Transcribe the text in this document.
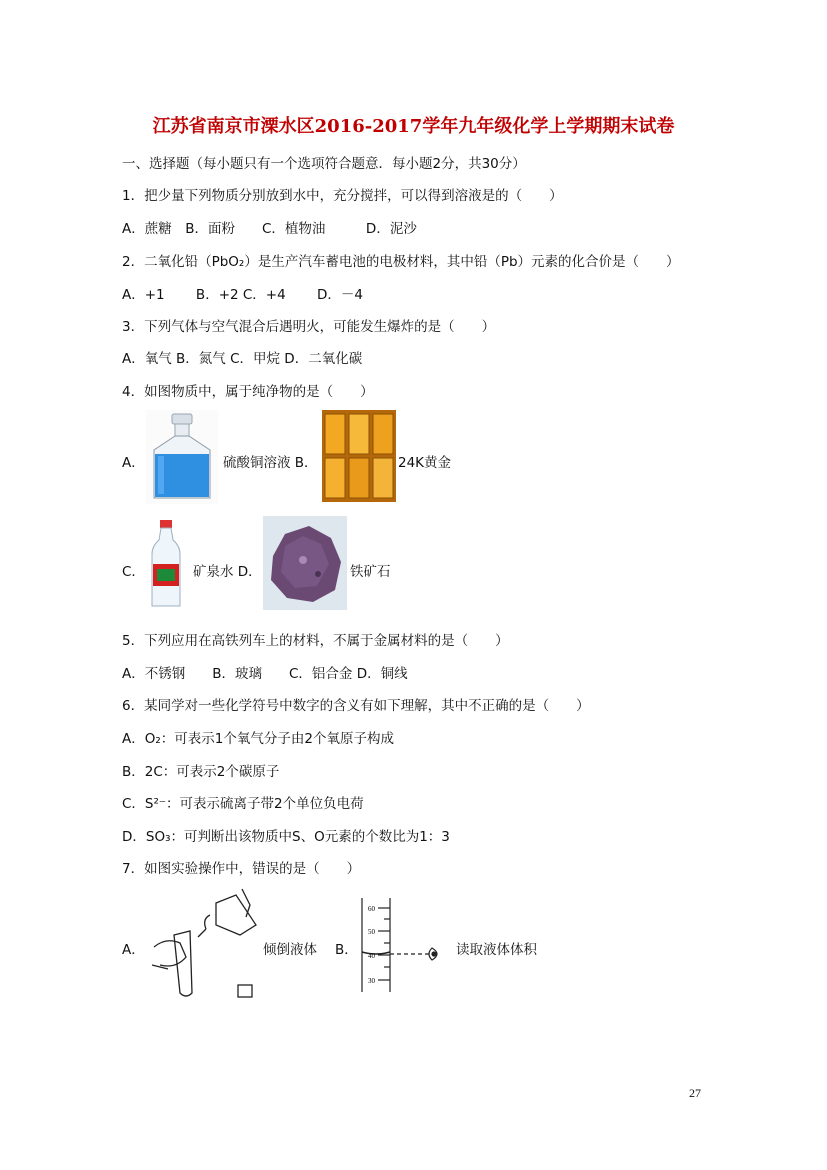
江苏省南京市溧水区2016-2017学年九年级化学上学期期末试卷
一、选择题（每小题只有一个选项符合题意．每小题2分，共30分）
1．把少量下列物质分别放到水中，充分搅拌，可以得到溶液是的（　　）
A．蔗糖　B．面粉　　C．植物油　　　D．泥沙
2．二氧化铅（PbO₂）是生产汽车蓄电池的电极材料，其中铅（Pb）元素的化合价是（　　）
A．+1　　 B．+2 C．+4　　 D．－4
3．下列气体与空气混合后遇明火，可能发生爆炸的是（　　）
A．氧气 B．氮气 C．甲烷 D．二氧化碳
4．如图物质中，属于纯净物的是（　　）
A．	硫酸铜溶液 B．	24K黄金
C．	矿泉水 D．	铁矿石
5．下列应用在高铁列车上的材料，不属于金属材料的是（　　）
A．不锈钢　　B．玻璃　　C．铝合金 D．铜线
6．某同学对一些化学符号中数字的含义有如下理解，其中不正确的是（　　）
A．O₂：可表示1个氧气分子由2个氧原子构成
B．2C：可表示2个碳原子
C．S²⁻：可表示硫离子带2个单位负电荷
D．SO₃：可判断出该物质中S、O元素的个数比为1：3
7．如图实验操作中，错误的是（　　）
A．	倾倒液体 B．
60
50
40
30
读取液体体积
27
